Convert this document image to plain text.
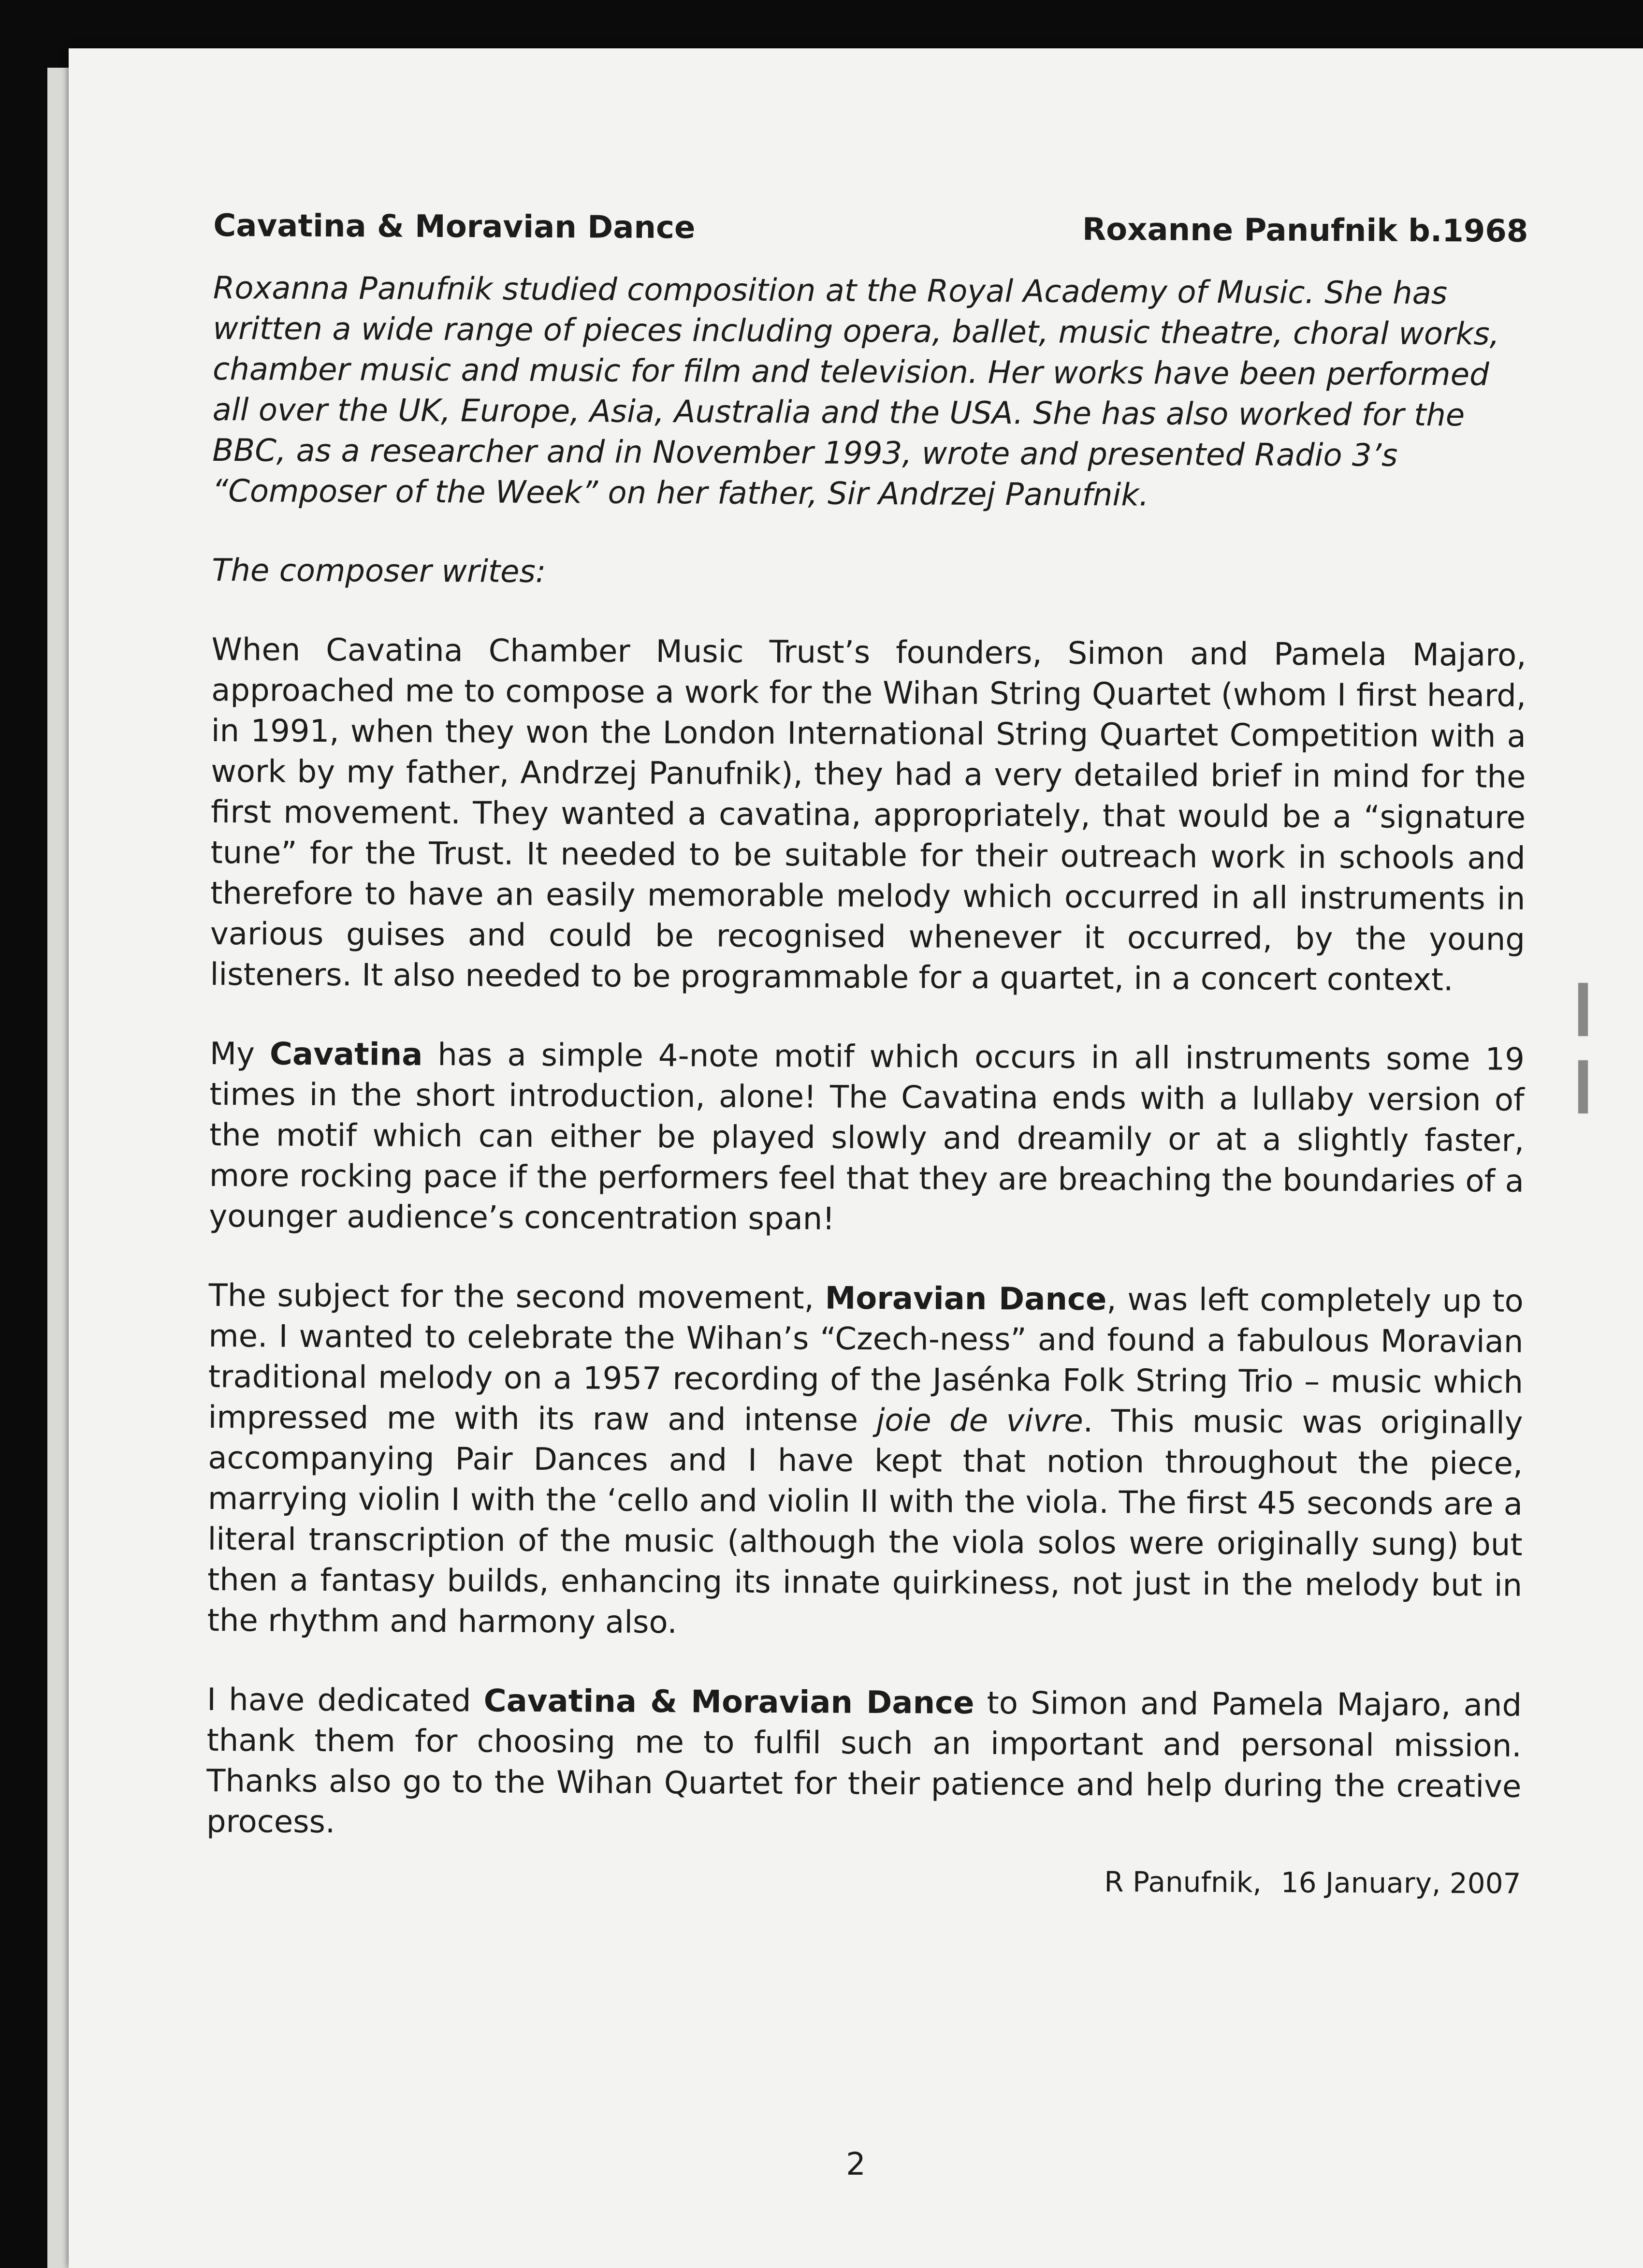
Cavatina & Moravian Dance	Roxanne Panufnik b.1968

Roxanna Panufnik studied composition at the Royal Academy of Music. She has written a wide range of pieces including opera, ballet, music theatre, choral works, chamber music and music for film and television. Her works have been performed all over the UK, Europe, Asia, Australia and the USA. She has also worked for the BBC, as a researcher and in November 1993, wrote and presented Radio 3’s “Composer of the Week” on her father, Sir Andrzej Panufnik.

The composer writes:

When Cavatina Chamber Music Trust’s founders, Simon and Pamela Majaro, approached me to compose a work for the Wihan String Quartet (whom I first heard, in 1991, when they won the London International String Quartet Competition with a work by my father, Andrzej Panufnik), they had a very detailed brief in mind for the first movement. They wanted a cavatina, appropriately, that would be a “signature tune” for the Trust. It needed to be suitable for their outreach work in schools and therefore to have an easily memorable melody which occurred in all instruments in various guises and could be recognised whenever it occurred, by the young listeners. It also needed to be programmable for a quartet, in a concert context.

My Cavatina has a simple 4-note motif which occurs in all instruments some 19 times in the short introduction, alone! The Cavatina ends with a lullaby version of the motif which can either be played slowly and dreamily or at a slightly faster, more rocking pace if the performers feel that they are breaching the boundaries of a younger audience’s concentration span!

The subject for the second movement, Moravian Dance, was left completely up to me. I wanted to celebrate the Wihan’s “Czech-ness” and found a fabulous Moravian traditional melody on a 1957 recording of the Jasénka Folk String Trio – music which impressed me with its raw and intense joie de vivre. This music was originally accompanying Pair Dances and I have kept that notion throughout the piece, marrying violin I with the ‘cello and violin II with the viola. The first 45 seconds are a literal transcription of the music (although the viola solos were originally sung) but then a fantasy builds, enhancing its innate quirkiness, not just in the melody but in the rhythm and harmony also.

I have dedicated Cavatina & Moravian Dance to Simon and Pamela Majaro, and thank them for choosing me to fulfil such an important and personal mission. Thanks also go to the Wihan Quartet for their patience and help during the creative process.

R Panufnik, 16 January, 2007
2
